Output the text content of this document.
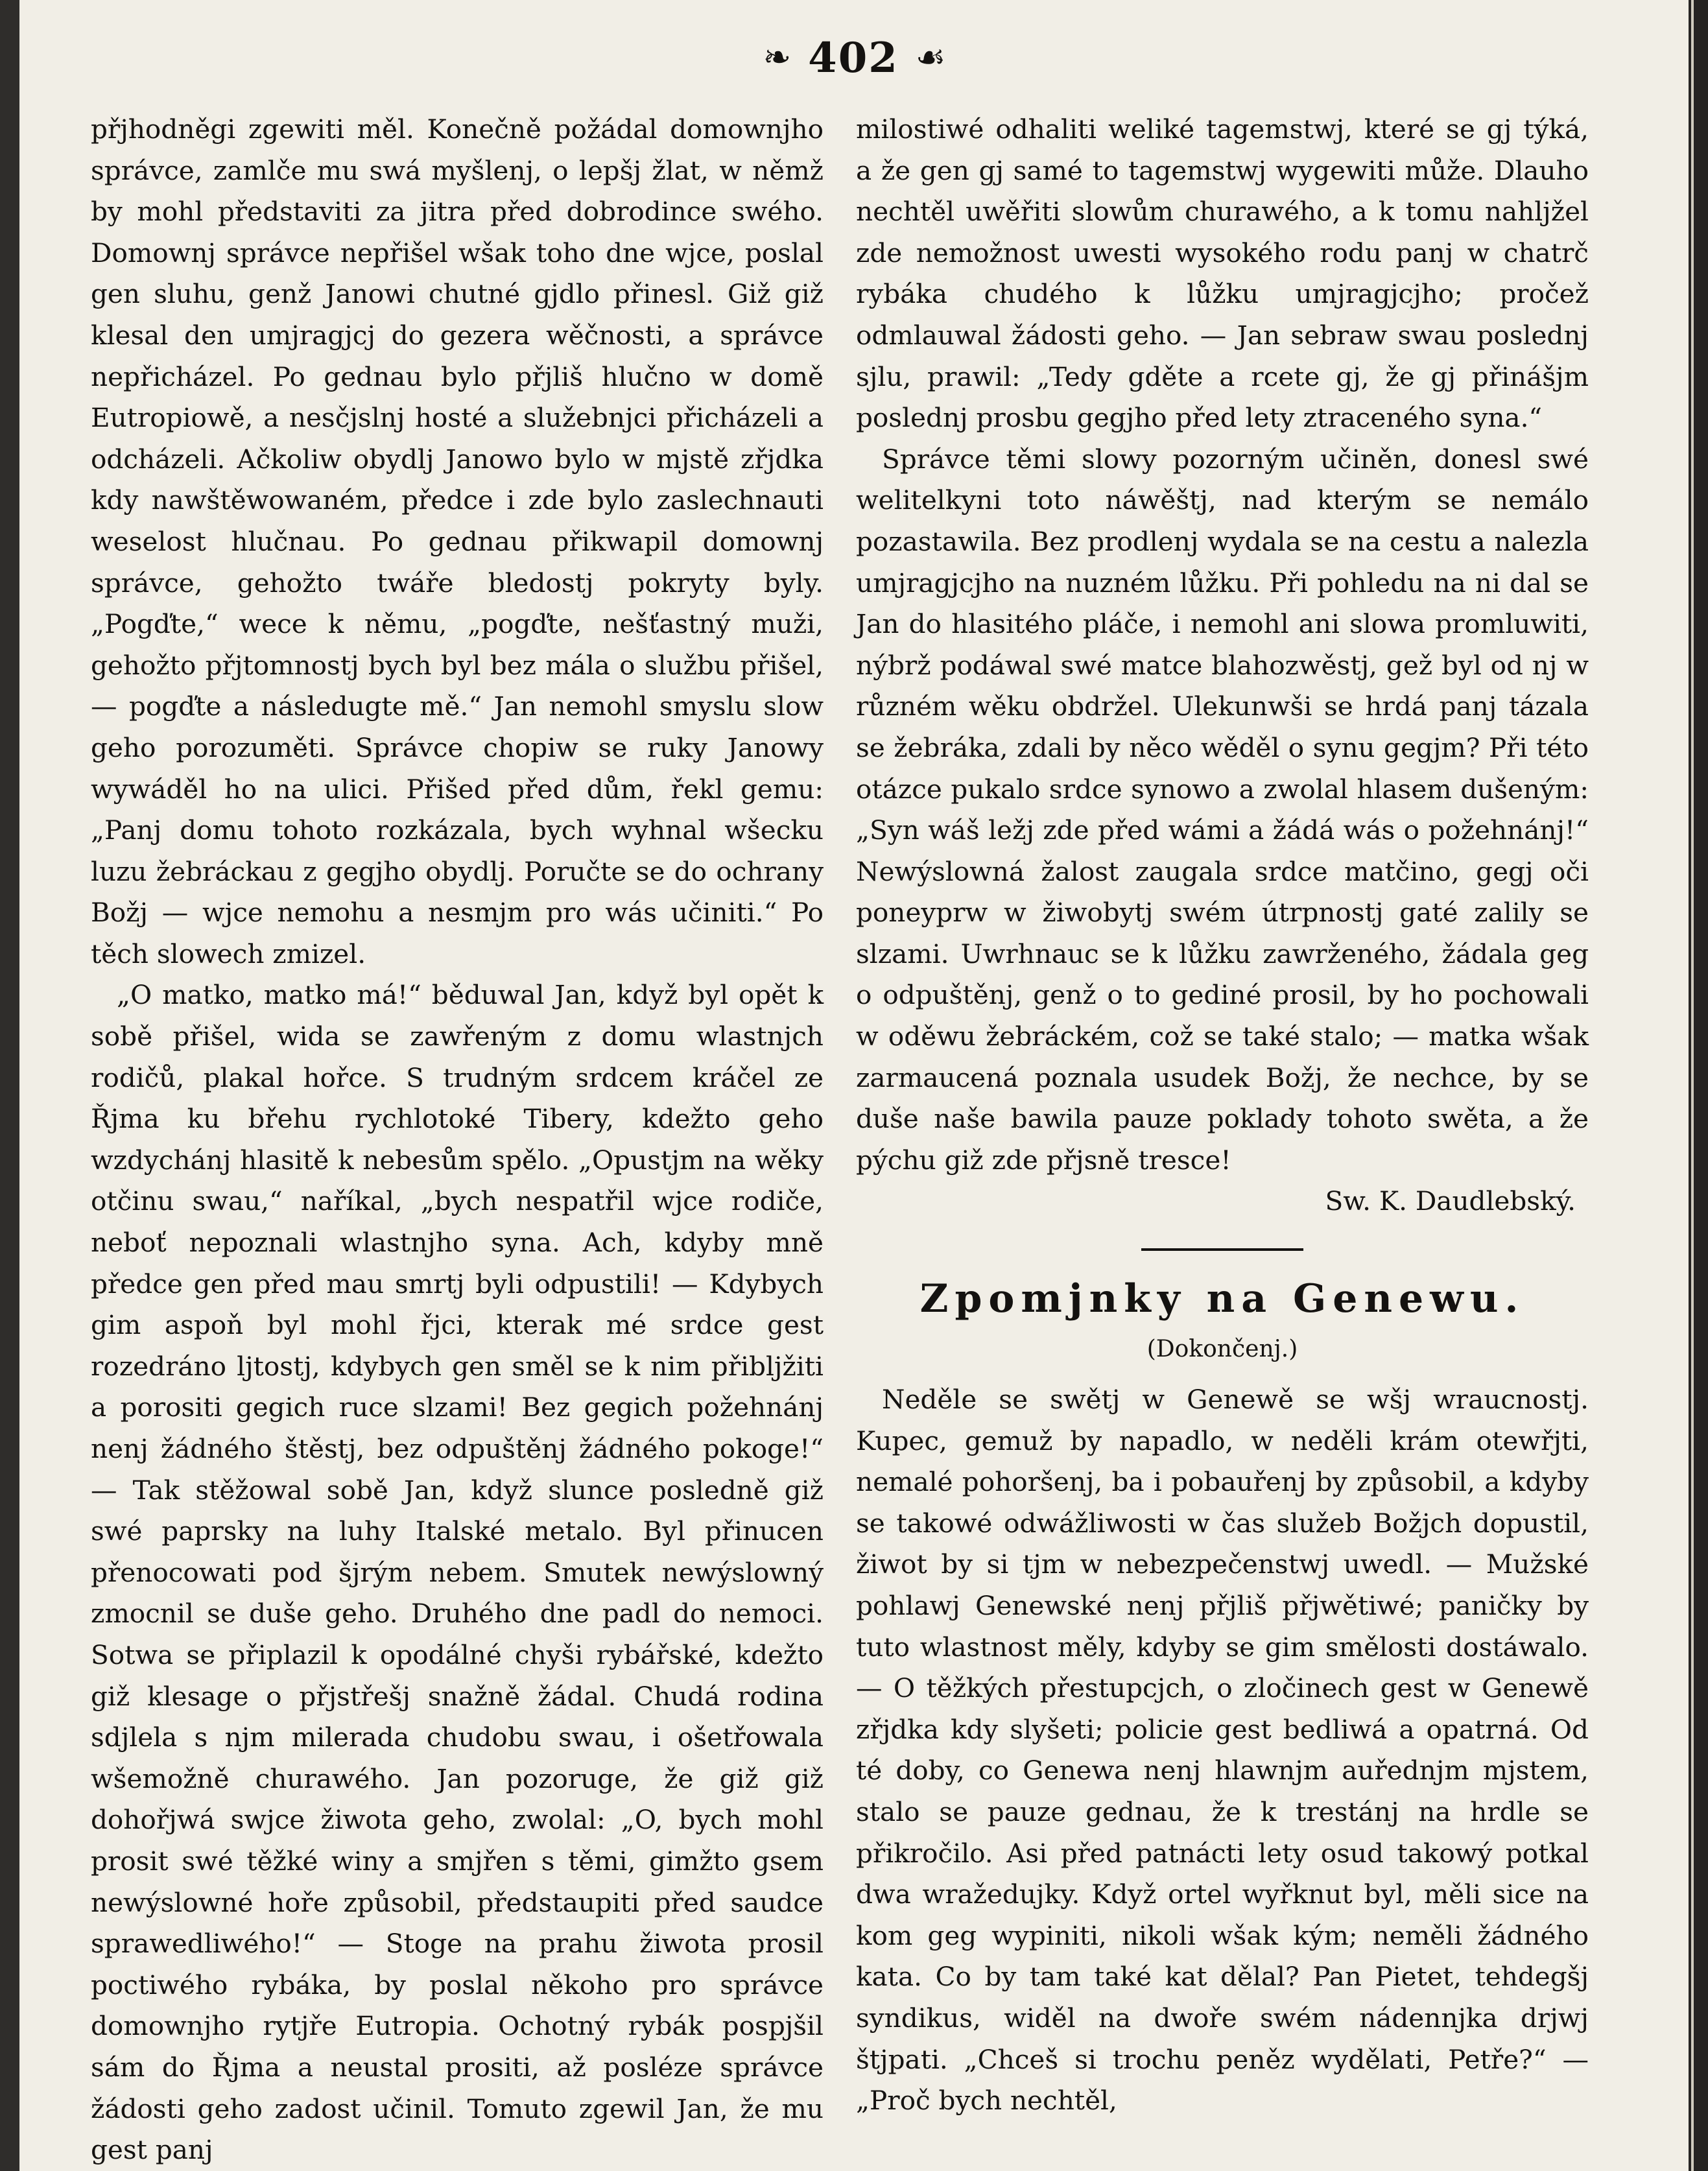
❧ 402 ☙

přjhodněgi zgewiti měl. Konečně požádal domownjho správce, zamlče mu swá myšlenj, o lepšj žlat, w němž by mohl představiti za jitra před dobrodince swého. Domownj správce nepřišel wšak toho dne wjce, poslal gen sluhu, genž Janowi chutné gjdlo přinesl. Giž giž klesal den umjragjcj do gezera wěčnosti, a správce nepřicházel. Po gednau bylo přjliš hlučno w domě Eutropiowě, a nesčjslnj hosté a služebnjci přicházeli a odcházeli. Ačkoliw obydlj Janowo bylo w mjstě zřjdka kdy nawštěwowaném, předce i zde bylo zaslechnauti weselost hlučnau. Po gednau přikwapil domownj správce, gehožto twáře bledostj pokryty byly. „Pogďte,“ wece k němu, „pogďte, nešťastný muži, gehožto přjtomnostj bych byl bez mála o službu přišel, — pogďte a následugte mě.“ Jan nemohl smyslu slow geho porozuměti. Správce chopiw se ruky Janowy wywáděl ho na ulici. Přišed před dům, řekl gemu: „Panj domu tohoto rozkázala, bych wyhnal wšecku luzu žebráckau z gegjho obydlj. Poručte se do ochrany Božj — wjce nemohu a nesmjm pro wás učiniti.“ Po těch slowech zmizel.

„O matko, matko má!“ běduwal Jan, když byl opět k sobě přišel, wida se zawřeným z domu wlastnjch rodičů, plakal hořce. S trudným srdcem kráčel ze Řjma ku břehu rychlotoké Tibery, kdežto geho wzdychánj hlasitě k nebesům spělo. „Opustjm na wěky otčinu swau,“ naříkal, „bych nespatřil wjce rodiče, neboť nepoznali wlastnjho syna. Ach, kdyby mně předce gen před mau smrtj byli odpustili! — Kdybych gim aspoň byl mohl řjci, kterak mé srdce gest rozedráno ljtostj, kdybych gen směl se k nim přiblјžiti a porositi gegich ruce slzami! Bez gegich požehnánj nenj žádného štěstj, bez odpuštěnj žádného pokoge!“ — Tak stěžowal sobě Jan, když slunce posledně giž swé paprsky na luhy Italské metalo. Byl přinucen přenocowati pod šjrým nebem. Smutek newýslowný zmocnil se duše geho. Druhého dne padl do nemoci. Sotwa se připlazil k opodálné chyši rybářské, kdežto giž klesage o přjstřešj snažně žádal. Chudá rodina sdjlela s njm milerada chudobu swau, i ošetřowala wšemožně churawého. Jan pozoruge, že giž giž dohořjwá swjce žiwota geho, zwolal: „O, bych mohl prosit swé těžké winy a smjřen s těmi, gimžto gsem newýslowné hoře způsobil, předstaupiti před saudce sprawedliwého!“ — Stoge na prahu žiwota prosil poctiwého rybáka, by poslal někoho pro správce domownjho rytjře Eutropia. Ochotný rybák pospjšil sám do Řjma a neustal prositi, až posléze správce žádosti geho zadost učinil. Tomuto zgewil Jan, že mu gest panj

milostiwé odhaliti weliké tagemstwj, které se gj týká, a že gen gj samé to tagemstwj wygewiti může. Dlauho nechtěl uwěřiti slowům churawého, a k tomu nahljžel zde nemožnost uwesti wysokého rodu panj w chatrč rybáka chudého k lůžku umjragjcjho; pročež odmlauwal žádosti geho. — Jan sebraw swau poslednj sjlu, prawil: „Tedy gděte a rcete gj, že gj přinášjm poslednj prosbu gegjho před lety ztraceného syna.“

Správce těmi slowy pozorným učiněn, donesl swé welitelkyni toto náwěštj, nad kterým se nemálo pozastawila. Bez prodlenj wydala se na cestu a nalezla umjragjcjho na nuzném lůžku. Při pohledu na ni dal se Jan do hlasitého pláče, i nemohl ani slowa promluwiti, nýbrž podáwal swé matce blahozwěstj, gež byl od nj w různém wěku obdržel. Ulekunwši se hrdá panj tázala se žebráka, zdali by něco wěděl o synu gegjm? Při této otázce pukalo srdce synowo a zwolal hlasem dušeným: „Syn wáš ležj zde před wámi a žádá wás o požehnánj!“ Newýslowná žalost zaugala srdce matčino, gegj oči poneyprw w žiwobytj swém útrpnostj gaté zalily se slzami. Uwrhnauc se k lůžku zawrženého, žádala geg o odpuštěnj, genž o to gediné prosil, by ho pochowali w oděwu žebráckém, což se také stalo; — matka wšak zarmaucená poznala usudek Božj, že nechce, by se duše naše bawila pauze poklady tohoto swěta, a že pýchu giž zde přjsně tresce!

Sw. K. Daudlebský.

Zpomjnky na Genewu.
(Dokončenj.)

Neděle se swětj w Genewě se wšj wraucnostj. Kupec, gemuž by napadlo, w neděli krám otewřjti, nemalé pohoršenj, ba i pobauřenj by způsobil, a kdyby se takowé odwážliwosti w čas služeb Božjch dopustil, žiwot by si tjm w nebezpečenstwj uwedl. — Mužské pohlawj Genewské nenj přjliš přjwětiwé; paničky by tuto wlastnost měly, kdyby se gim smělosti dostáwalo. — O těžkých přestupcjch, o zločinech gest w Genewě zřjdka kdy slyšeti; policie gest bedliwá a opatrná. Od té doby, co Genewa nenj hlawnjm auřednjm mjstem, stalo se pauze gednau, že k trestánj na hrdle se přikročilo. Asi před patnácti lety osud takowý potkal dwa wražedujky. Když ortel wyřknut byl, měli sice na kom geg wypiniti, nikoli wšak kým; neměli žádného kata. Co by tam také kat dělal? Pan Pietet, tehdegšj syndikus, widěl na dwoře swém nádennjka drjwj štjpati. „Chceš si trochu peněz wydělati, Petře?“ — „Proč bych nechtěl,
